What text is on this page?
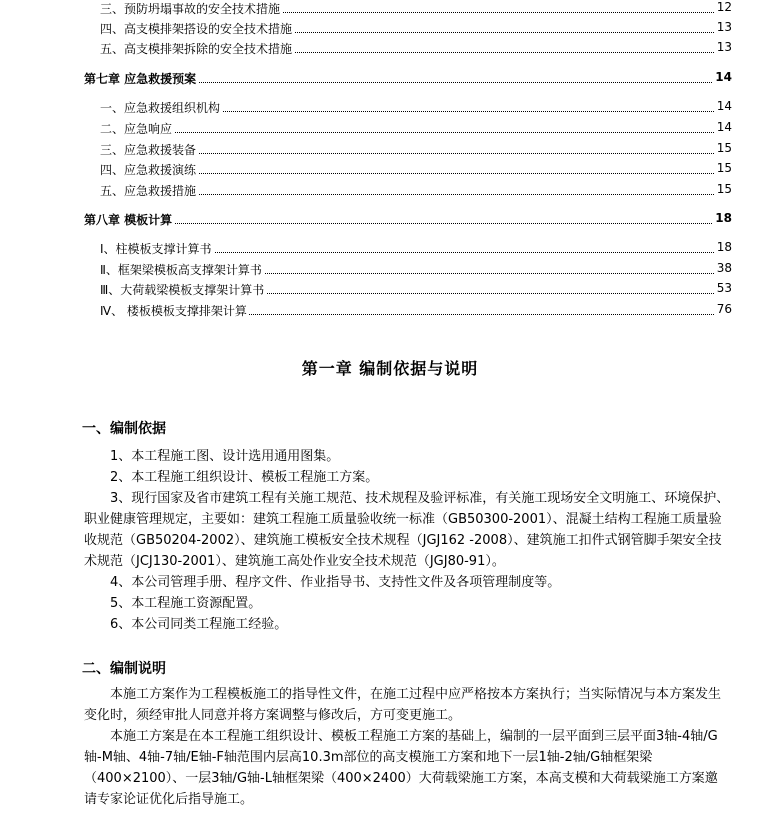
三、预防坍塌事故的安全技术措施	12
四、高支模排架搭设的安全技术措施	13
五、高支模排架拆除的安全技术措施	13
第七章 应急救援预案	14
一、应急救援组织机构	14
二、应急响应	14
三、应急救援装备	15
四、应急救援演练	15
五、应急救援措施	15
第八章 模板计算	18
Ⅰ、柱模板支撑计算书	18
Ⅱ、框架梁模板高支撑架计算书	38
Ⅲ、大荷载梁模板支撑架计算书	53
Ⅳ、 楼板模板支撑排架计算	76
第一章 编制依据与说明
一、编制依据

1、本工程施工图、设计选用通用图集。

2、本工程施工组织设计、模板工程施工方案。

3、现行国家及省市建筑工程有关施工规范、技术规程及验评标准，有关施工现场安全文明施工、环境保护、职业健康管理规定，主要如：建筑工程施工质量验收统一标准（GB50300-2001）、混凝土结构工程施工质量验收规范（GB50204-2002）、建筑施工模板安全技术规程（JGJ162 -2008）、建筑施工扣件式钢管脚手架安全技术规范（JCJ130-2001）、建筑施工高处作业安全技术规范（JGJ80-91）。

4、本公司管理手册、程序文件、作业指导书、支持性文件及各项管理制度等。

5、本工程施工资源配置。

6、本公司同类工程施工经验。

二、编制说明

本施工方案作为工程模板施工的指导性文件，在施工过程中应严格按本方案执行；当实际情况与本方案发生变化时，须经审批人同意并将方案调整与修改后，方可变更施工。

本施工方案是在本工程施工组织设计、模板工程施工方案的基础上，编制的一层平面到三层平面3轴-4轴/G轴-M轴、4轴-7轴/E轴-F轴范围内层高10.3m部位的高支模施工方案和地下一层1轴-2轴/G轴框架梁（400×2100）、一层3轴/G轴-L轴框架梁（400×2400）大荷载梁施工方案，本高支模和大荷载梁施工方案邀请专家论证优化后指导施工。
